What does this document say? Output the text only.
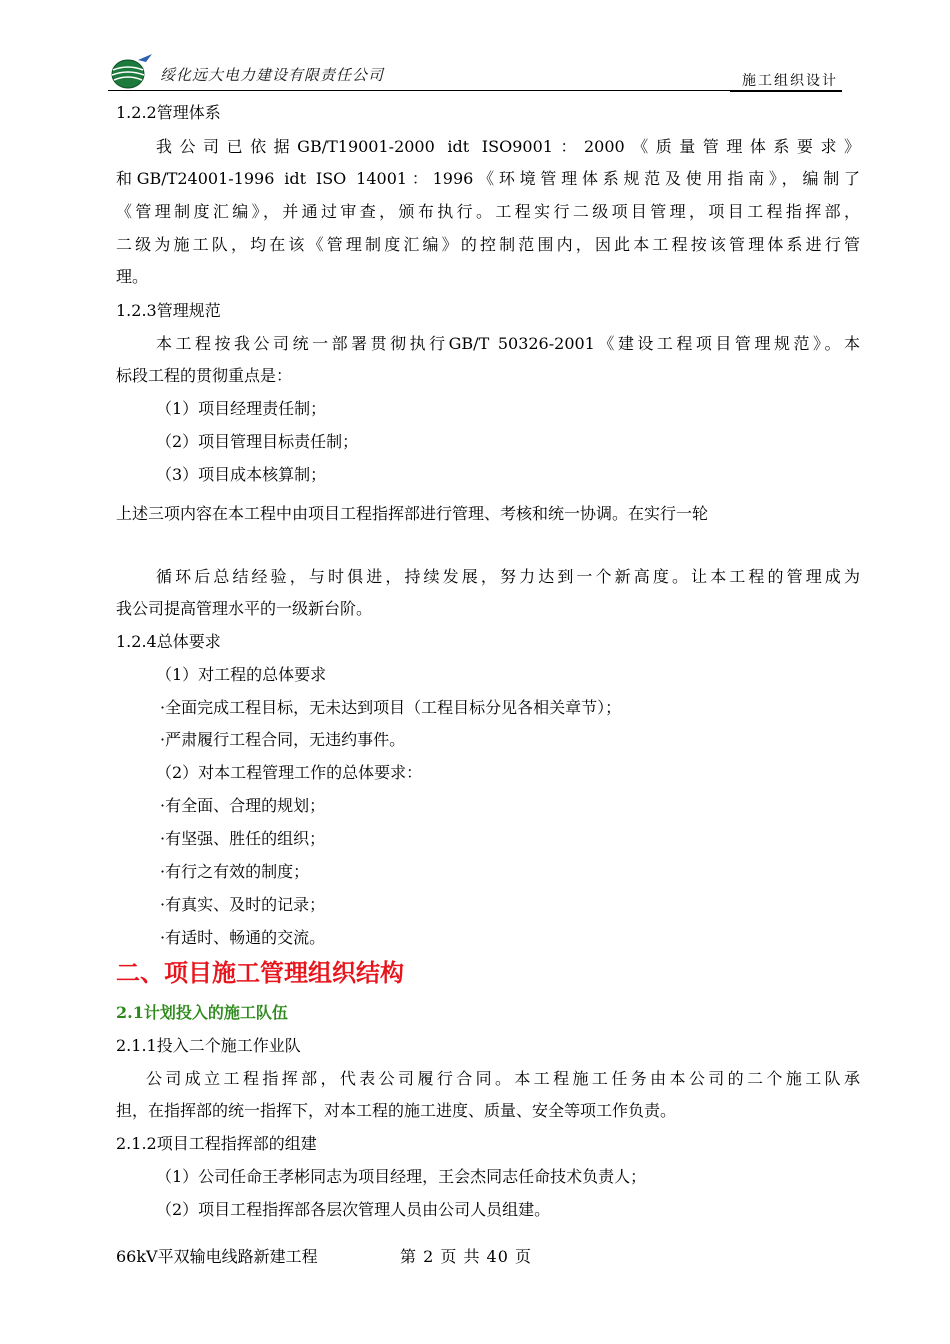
绥化远大电力建设有限责任公司	施工组织设计
1.2.2管理体系
我公司已依据GB/T19001-2000 idt ISO9001：2000《质量管理体系要求》
和GB/T24001-1996 idt ISO 14001：1996《环境管理体系规范及使用指南》，编制了
《管理制度汇编》，并通过审查，颁布执行。工程实行二级项目管理，项目工程指挥部，
二级为施工队，均在该《管理制度汇编》的控制范围内，因此本工程按该管理体系进行管
理。
1.2.3管理规范
本工程按我公司统一部署贯彻执行GB/T 50326-2001《建设工程项目管理规范》。本
标段工程的贯彻重点是：
（1）项目经理责任制；
（2）项目管理目标责任制；
（3）项目成本核算制；
上述三项内容在本工程中由项目工程指挥部进行管理、考核和统一协调。在实行一轮
循环后总结经验，与时俱进，持续发展，努力达到一个新高度。让本工程的管理成为
我公司提高管理水平的一级新台阶。
1.2.4总体要求
（1）对工程的总体要求
·全面完成工程目标，无未达到项目（工程目标分见各相关章节）；
·严肃履行工程合同，无违约事件。
（2）对本工程管理工作的总体要求：
·有全面、合理的规划；
·有坚强、胜任的组织；
·有行之有效的制度；
·有真实、及时的记录；
·有适时、畅通的交流。
二、项目施工管理组织结构
2.1计划投入的施工队伍
2.1.1投入二个施工作业队
公司成立工程指挥部，代表公司履行合同。本工程施工任务由本公司的二个施工队承
担，在指挥部的统一指挥下，对本工程的施工进度、质量、安全等项工作负责。
2.1.2项目工程指挥部的组建
（1）公司任命王孝彬同志为项目经理，王会杰同志任命技术负责人；
（2）项目工程指挥部各层次管理人员由公司人员组建。
66kV平双输电线路新建工程	第 2 页 共 40 页
